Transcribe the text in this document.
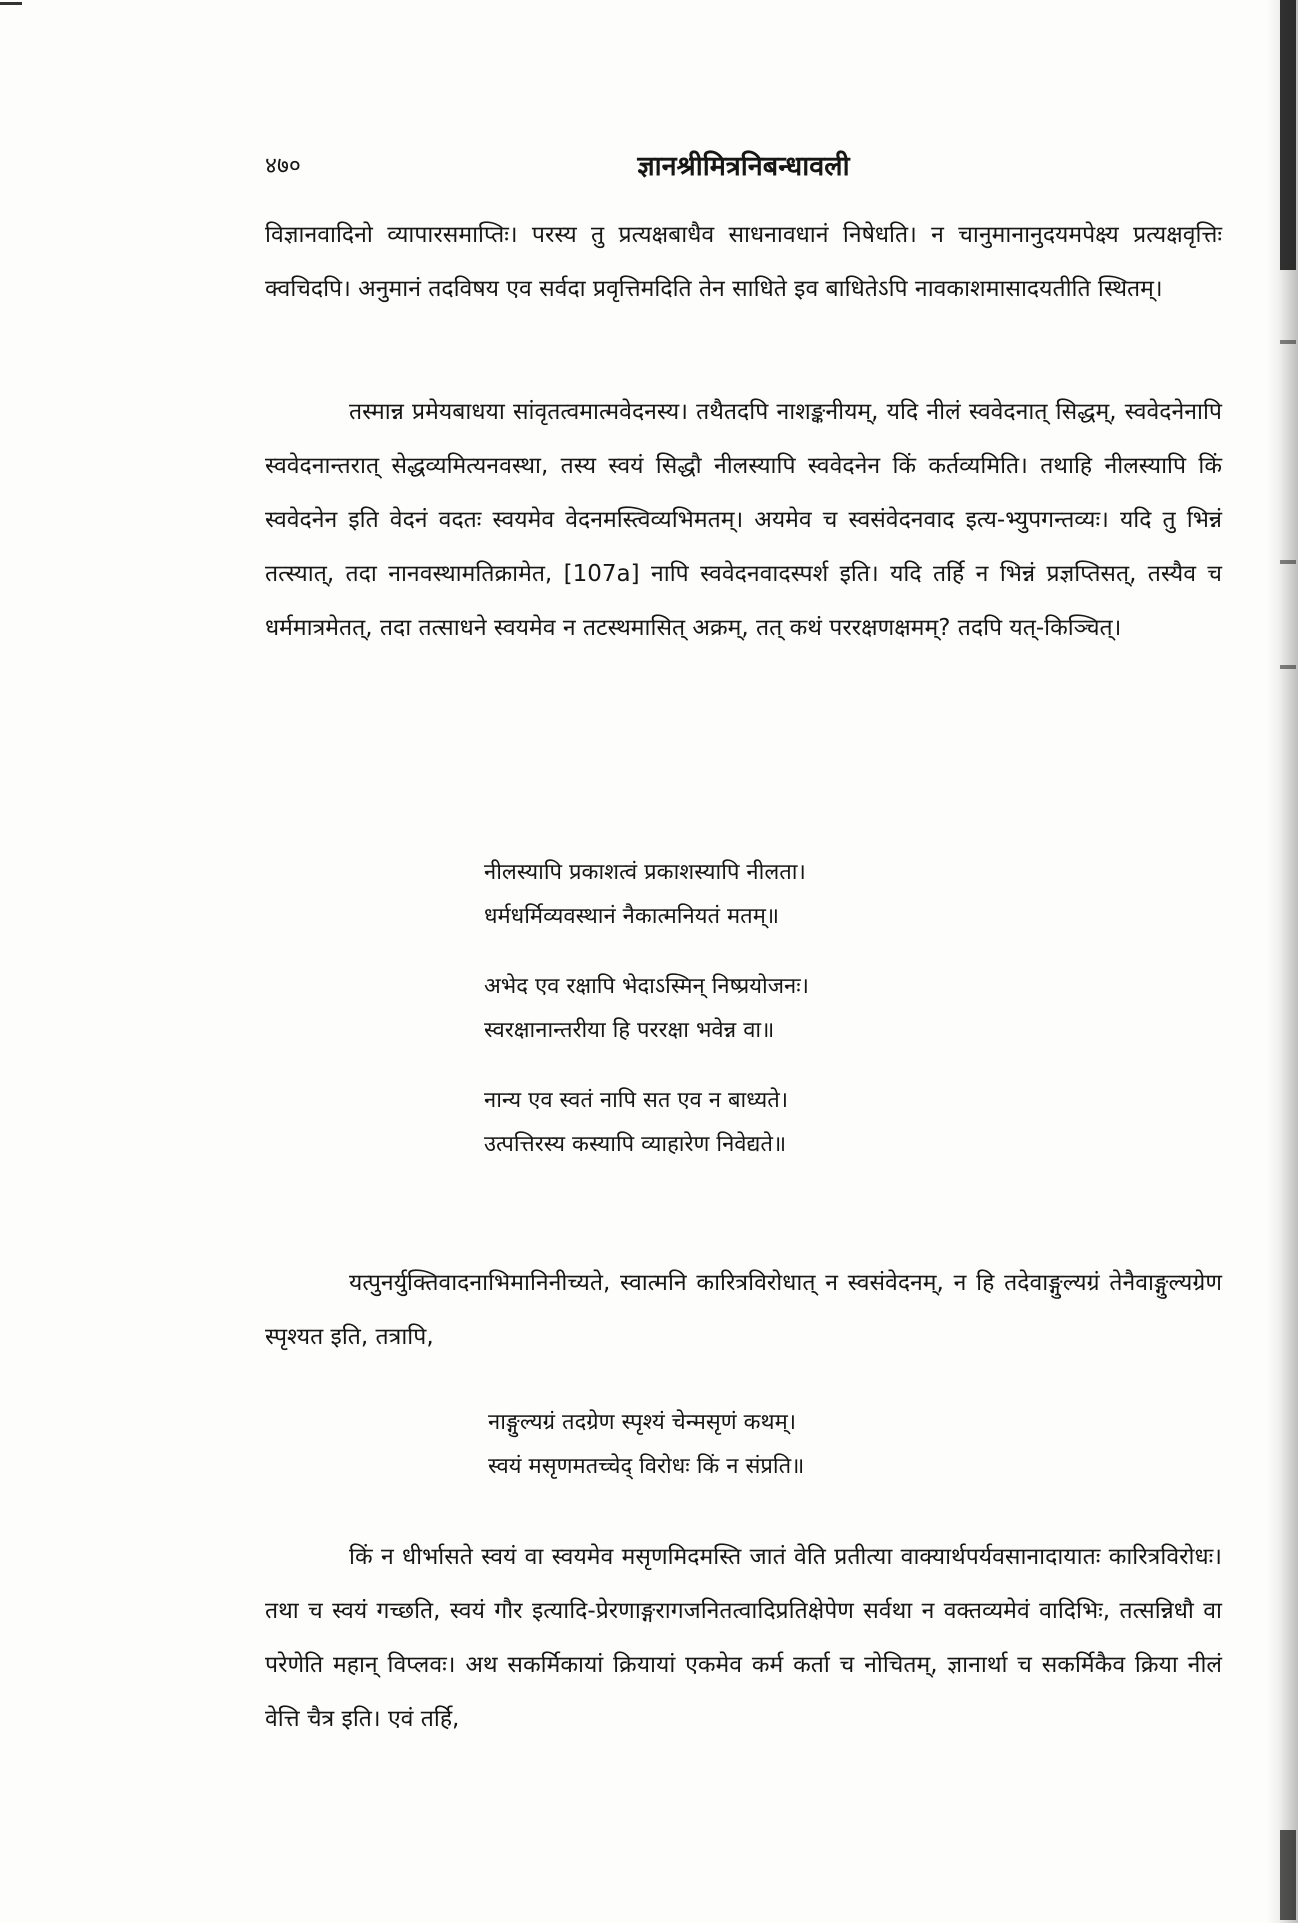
४७०	ज्ञानश्रीमित्रनिबन्धावली

विज्ञानवादिनो व्यापारसमाप्तिः। परस्य तु प्रत्यक्षबाधैव साधनावधानं निषेधति। न चानुमानानुदयमपेक्ष्य प्रत्यक्षवृत्तिः क्वचिदपि। अनुमानं तदविषय एव सर्वदा प्रवृत्तिमदिति तेन साधिते इव बाधितेऽपि नावकाशमासादयतीति स्थितम्।

तस्मान्न प्रमेयबाधया सांवृतत्वमात्मवेदनस्य। तथैतदपि नाशङ्कनीयम्, यदि नीलं स्ववेदनात् सिद्धम्, स्ववेदनेनापि स्ववेदनान्तरात् सेद्धव्यमित्यनवस्था, तस्य स्वयं सिद्धौ नीलस्यापि स्ववेदनेन किं कर्तव्यमिति। तथाहि नीलस्यापि किं स्ववेदनेन इति वेदनं वदतः स्वयमेव वेदनमस्त्विव्यभिमतम्। अयमेव च स्वसंवेदनवाद इत्य-भ्युपगन्तव्यः। यदि तु भिन्नं तत्स्यात्, तदा नानवस्थामतिक्रामेत, [107a] नापि स्ववेदनवादस्पर्श इति। यदि तर्हि न भिन्नं प्रज्ञप्तिसत्, तस्यैव च धर्ममात्रमेतत्, तदा तत्साधने स्वयमेव न तटस्थमासित् अक्रम्, तत् कथं पररक्षणक्षमम्? तदपि यत्-किञ्चित्।

नीलस्यापि प्रकाशत्वं प्रकाशस्यापि नीलता।

धर्मधर्मिव्यवस्थानं नैकात्मनियतं मतम्॥

अभेद एव रक्षापि भेदाऽस्मिन् निष्प्रयोजनः।

स्वरक्षानान्तरीया हि पररक्षा भवेन्न वा॥

नान्य एव स्वतं नापि सत एव न बाध्यते।

उत्पत्तिरस्य कस्यापि व्याहारेण निवेद्यते॥

यत्पुनर्युक्तिवादनाभिमानिनीच्यते, स्वात्मनि कारित्रविरोधात् न स्वसंवेदनम्, न हि तदेवाङ्गुल्यग्रं तेनैवाङ्गुल्यग्रेण स्पृश्यत इति, तत्रापि,

नाङ्गुल्यग्रं तदग्रेण स्पृश्यं चेन्मसृणं कथम्।

स्वयं मसृणमतच्चेद् विरोधः किं न संप्रति॥

किं न धीर्भासते स्वयं वा स्वयमेव मसृणमिदमस्ति जातं वेति प्रतीत्या वाक्यार्थपर्यवसानादायातः कारित्रविरोधः। तथा च स्वयं गच्छति, स्वयं गौर इत्यादि-प्रेरणाङ्गरागजनितत्वादिप्रतिक्षेपेण सर्वथा न वक्तव्यमेवं वादिभिः, तत्सन्निधौ वा परेणेति महान् विप्लवः। अथ सकर्मिकायां क्रियायां एकमेव कर्म कर्ता च नोचितम्, ज्ञानार्था च सकर्मिकैव क्रिया नीलं वेत्ति चैत्र इति। एवं तर्हि,
